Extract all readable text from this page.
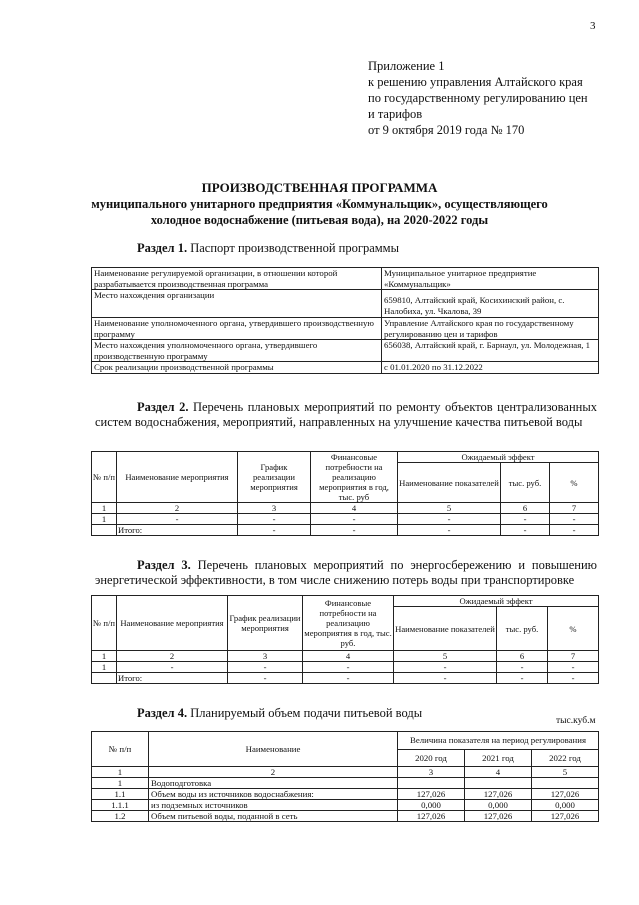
3
Приложение 1
к решению управления Алтайского края
по государственному регулированию цен
и тарифов
от 9 октября 2019 года № 170
ПРОИЗВОДСТВЕННАЯ ПРОГРАММА
муниципального унитарного предприятия «Коммунальщик», осуществляющего
холодное водоснабжение (питьевая вода), на 2020-2022 годы
Раздел 1. Паспорт производственной программы
Наименование регулируемой организации, в отношении которой разрабатывается производственная программа	Муниципальное унитарное предприятие «Коммунальщик»
Место нахождения организации	659810, Алтайский край, Косихинский район, с. Налобиха, ул. Чкалова, 39
Наименование уполномоченного органа, утвердившего производственную программу	Управление Алтайского края по государственному регулированию цен и тарифов
Место нахождения уполномоченного органа, утвердившего производственную программу	656038, Алтайский край, г. Барнаул, ул. Молодежная, 1
Срок реализации производственной программы	с 01.01.2020 по 31.12.2022
Раздел 2. Перечень плановых мероприятий по ремонту объектов централизованных систем водоснабжения, мероприятий, направленных на улучшение качества питьевой воды
№ п/п	Наименование мероприятия	График реализации мероприятия	Финансовые потребности на реализацию мероприятия в год, тыс. руб	Ожидаемый эффект		
				Наименование показателей	тыс. руб.	%
1	2	3	4	5	6	7
1	-	-	-	-	-	-
	Итого:	-	-	-	-	-
Раздел 3. Перечень плановых мероприятий по энергосбережению и повышению энергетической эффективности, в том числе снижению потерь воды при транспортировке
№ п/п	Наименование мероприятия	График реализации мероприятия	Финансовые потребности на реализацию мероприятия в год, тыс. руб.	Ожидаемый эффект		
				Наименование показателей	тыс. руб.	%
1	2	3	4	5	6	7
1	-	-	-	-	-	-
	Итого:	-	-	-	-	-
Раздел 4. Планируемый объем подачи питьевой воды
тыс.куб.м
№ п/п	Наименование	Величина показателя на период регулирования		
		2020 год	2021 год	2022 год
1	2	3	4	5
1	Водоподготовка			
1.1	Объем воды из источников водоснабжения:	127,026	127,026	127,026
1.1.1	из подземных источников	0,000	0,000	0,000
1.2	Объем питьевой воды, поданной в сеть	127,026	127,026	127,026
